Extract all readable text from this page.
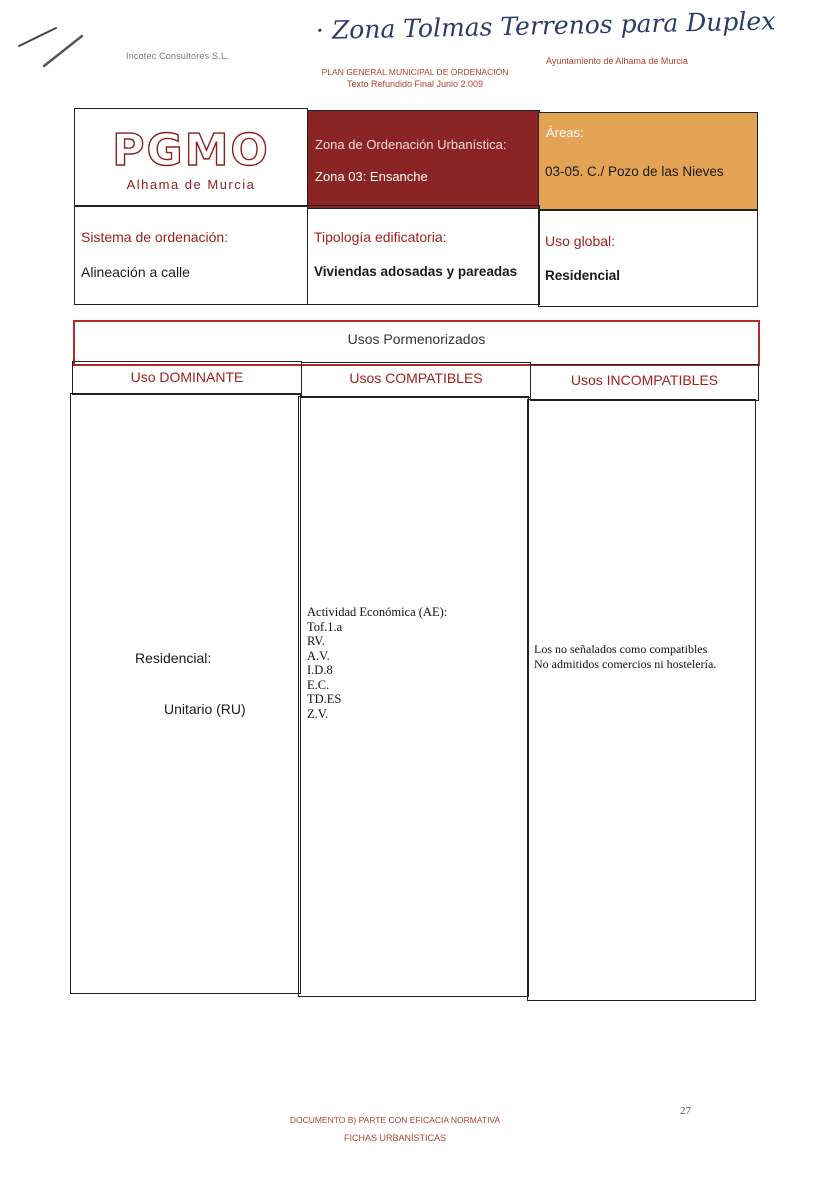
Incotec Consultores S.L.
· Zona Tolmas Terrenos para Duplex
Ayuntamiento de Alhama de Murcia
PLAN GENERAL MUNICIPAL DE ORDENACIÓN
Texto Refundido Final Junio 2.009
PGMO
Alhama de Murcia
Zona de Ordenación Urbanística:
Zona 03: Ensanche
Áreas:
03-05. C./ Pozo de las Nieves
Sistema de ordenación:
Alineación a calle
Tipología edificatoria:
Viviendas adosadas y pareadas
Uso global:
Residencial
Usos Pormenorizados
Uso DOMINANTE	Usos COMPATIBLES	Usos INCOMPATIBLES
Residencial:
Unitario (RU)
Actividad Económica (AE):
Tof.1.a
RV.
A.V.
I.D.8
E.C.
TD.ES
Z.V.
Los no señalados como compatibles
No admitidos comercios ni hostelería.
27
DOCUMENTO B) PARTE CON EFICACIA NORMATIVA
FICHAS URBANÍSTICAS
